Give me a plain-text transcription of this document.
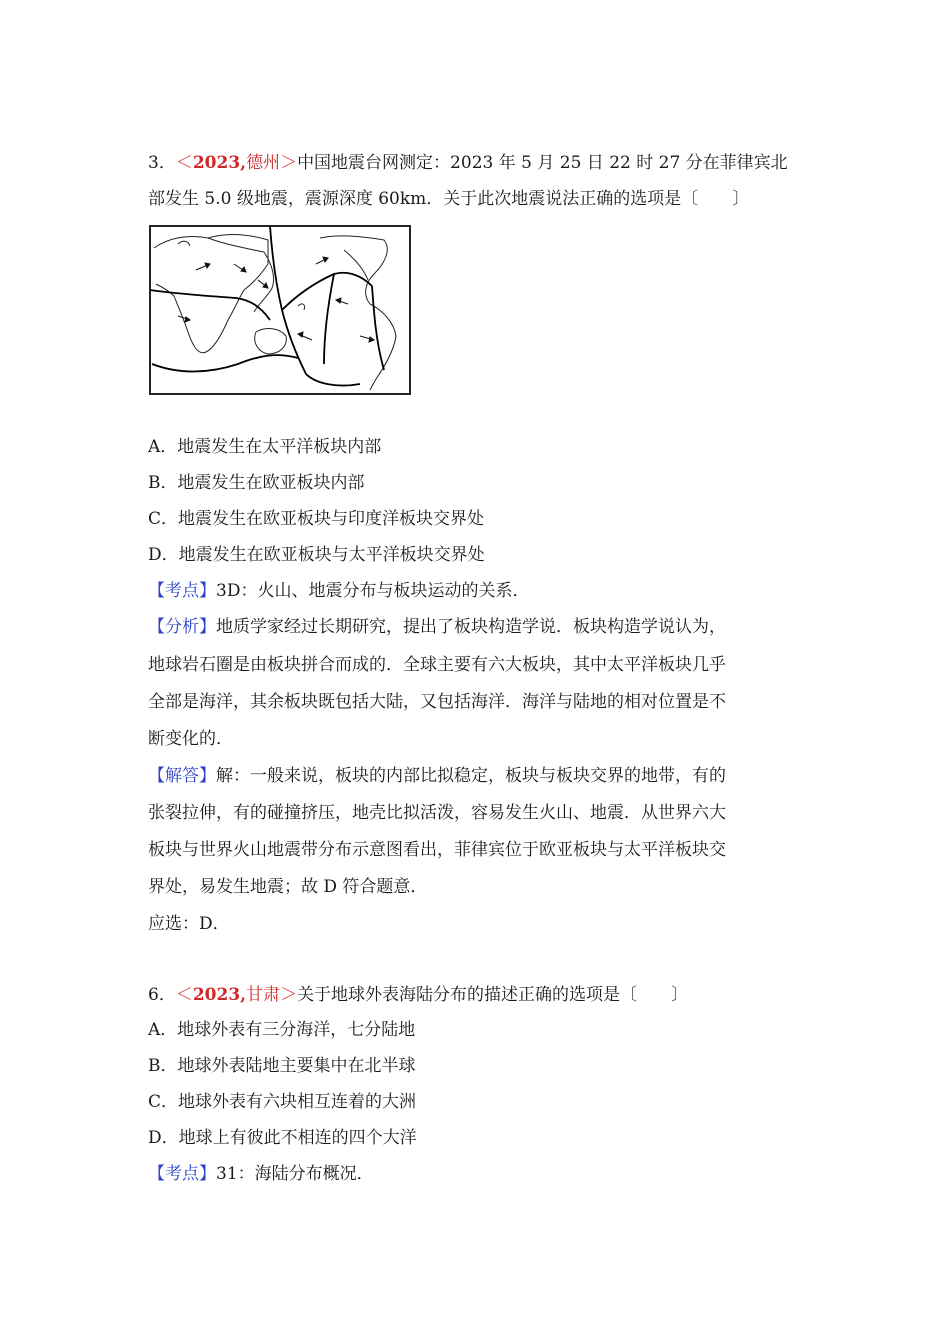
3．＜2023,德州＞中国地震台网测定：2023 年 5 月 25 日 22 时 27 分在菲律宾北
部发生 5.0 级地震，震源深度 60km．关于此次地震说法正确的选项是〔　　〕
A．地震发生在太平洋板块内部
B．地震发生在欧亚板块内部
C．地震发生在欧亚板块与印度洋板块交界处
D．地震发生在欧亚板块与太平洋板块交界处
【考点】3D：火山、地震分布与板块运动的关系．
【分析】地质学家经过长期研究，提出了板块构造学说．板块构造学说认为，
地球岩石圈是由板块拼合而成的．全球主要有六大板块，其中太平洋板块几乎
全部是海洋，其余板块既包括大陆，又包括海洋．海洋与陆地的相对位置是不
断变化的．
【解答】解：一般来说，板块的内部比拟稳定，板块与板块交界的地带，有的
张裂拉伸，有的碰撞挤压，地壳比拟活泼，容易发生火山、地震．从世界六大
板块与世界火山地震带分布示意图看出，菲律宾位于欧亚板块与太平洋板块交
界处，易发生地震；故 D 符合题意．
应选：D．
6．＜2023,甘肃＞关于地球外表海陆分布的描述正确的选项是〔　　〕
A．地球外表有三分海洋，七分陆地
B．地球外表陆地主要集中在北半球
C．地球外表有六块相互连着的大洲
D．地球上有彼此不相连的四个大洋
【考点】31：海陆分布概况．
